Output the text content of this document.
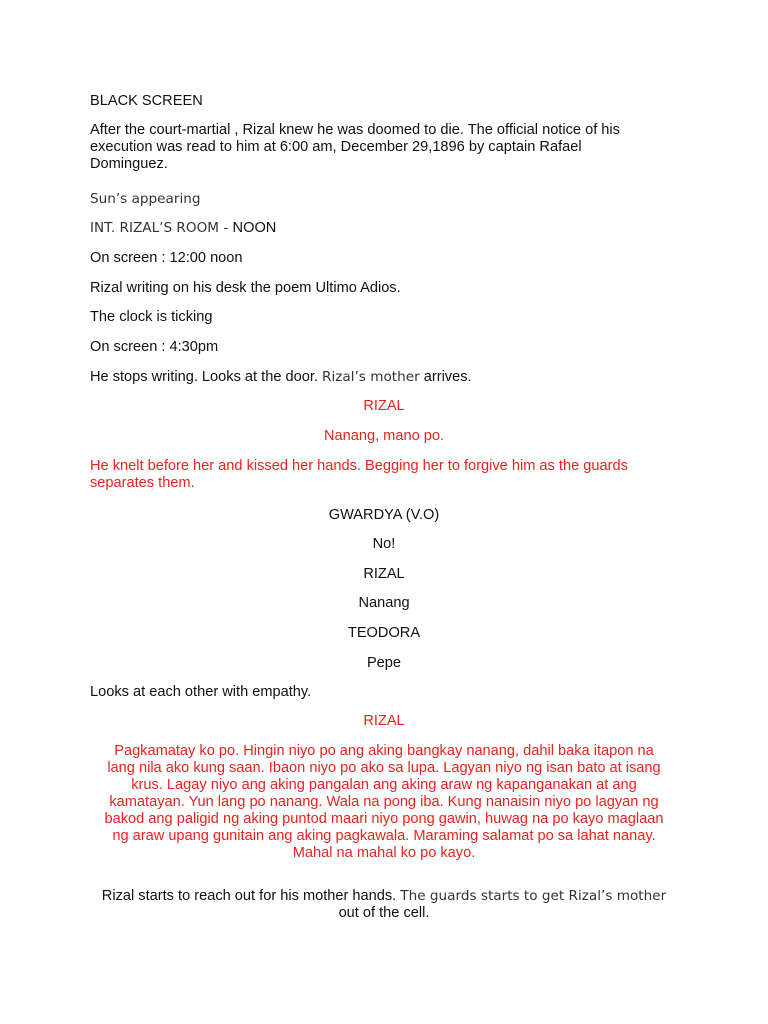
BLACK SCREEN
After the court-martial , Rizal knew he was doomed to die. The official notice of his
execution was read to him at 6:00 am, December 29,1896 by captain Rafael
Dominguez.
Sun’s appearing
INT. RIZAL’S ROOM - NOON
On screen : 12:00 noon
Rizal writing on his desk the poem Ultimo Adios.
The clock is ticking
On screen : 4:30pm
He stops writing. Looks at the door. Rizal’s mother arrives.
RIZAL
Nanang, mano po.
He knelt before her and kissed her hands. Begging her to forgive him as the guards
separates them.
GWARDYA (V.O)
No!
RIZAL
Nanang
TEODORA
Pepe
Looks at each other with empathy.
RIZAL
Pagkamatay ko po. Hingin niyo po ang aking bangkay nanang, dahil baka itapon na
lang nila ako kung saan. Ibaon niyo po ako sa lupa. Lagyan niyo ng isan bato at isang
krus. Lagay niyo ang aking pangalan ang aking araw ng kapanganakan at ang
kamatayan. Yun lang po nanang. Wala na pong iba. Kung nanaisin niyo po lagyan ng
bakod ang paligid ng aking puntod maari niyo pong gawin, huwag na po kayo maglaan
ng araw upang gunitain ang aking pagkawala. Maraming salamat po sa lahat nanay.
Mahal na mahal ko po kayo.
Rizal starts to reach out for his mother hands. The guards starts to get Rizal’s mother
out of the cell.
